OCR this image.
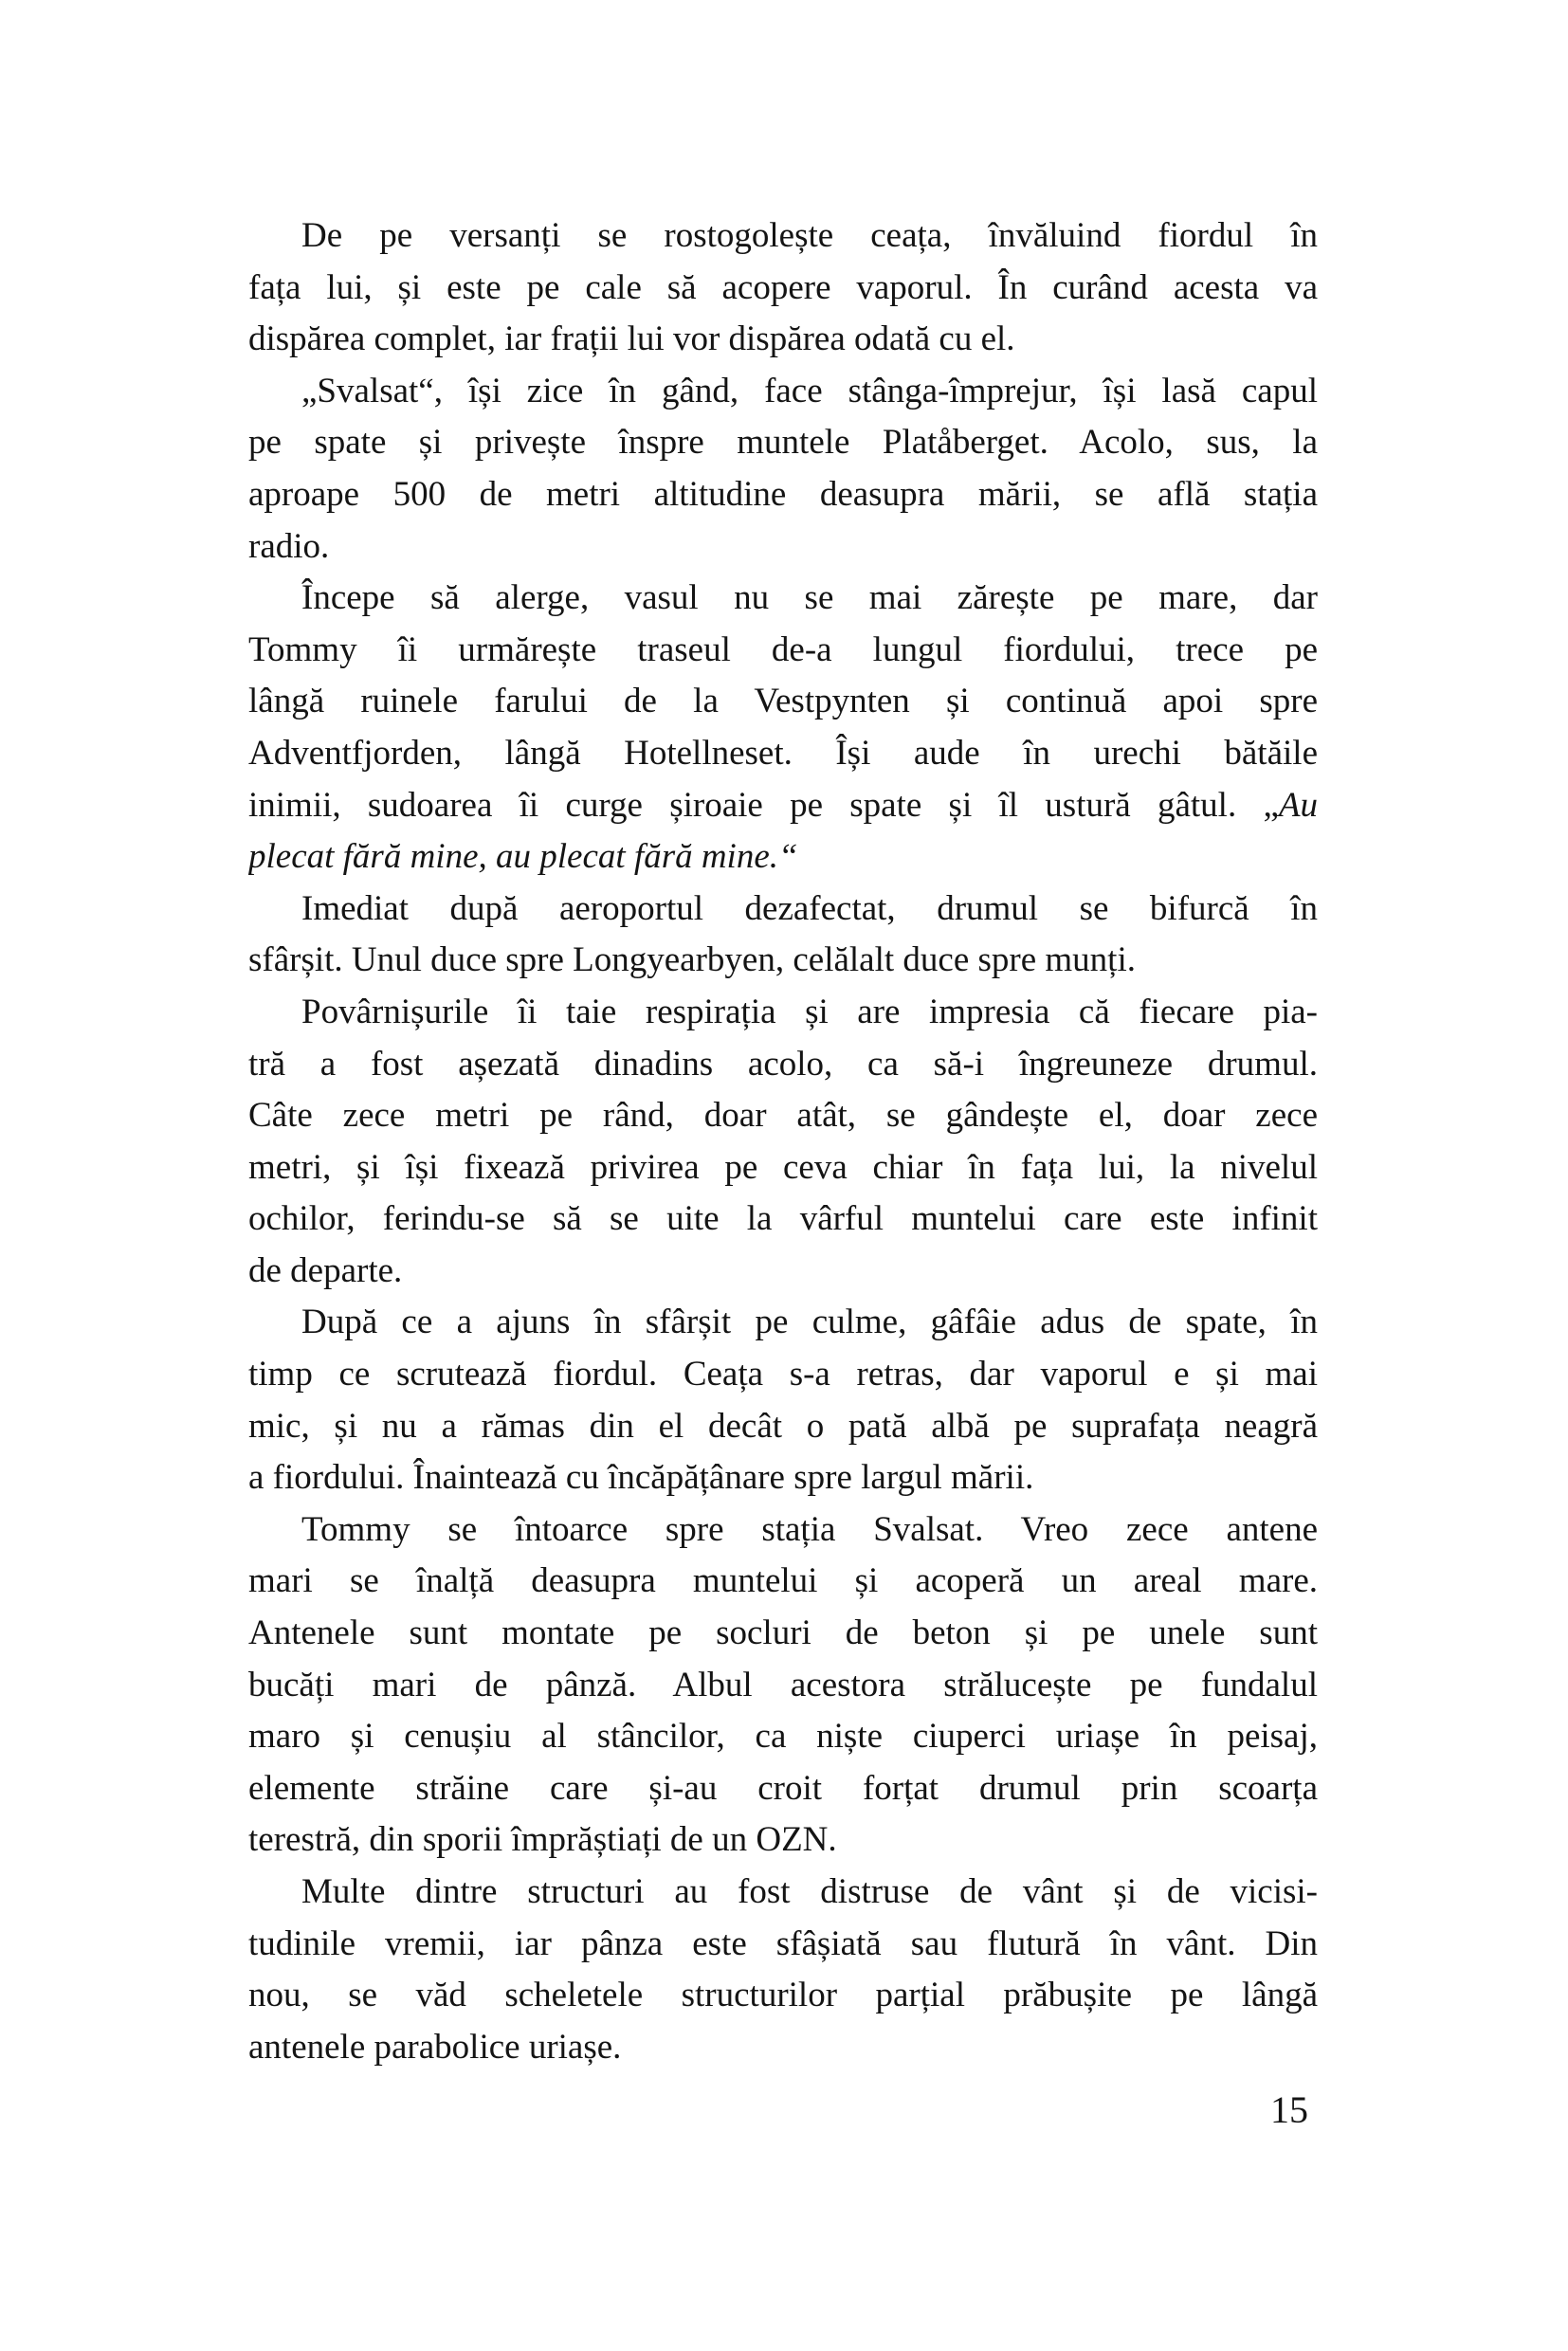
De pe versanți se rostogolește ceața, învăluind fiordul în
fața lui, și este pe cale să acopere vaporul. În curând acesta va
dispărea complet, iar frații lui vor dispărea odată cu el.
„Svalsat“, își zice în gând, face stânga-împrejur, își lasă capul
pe spate și privește înspre muntele Platåberget. Acolo, sus, la
aproape 500 de metri altitudine deasupra mării, se află stația
radio.
Începe să alerge, vasul nu se mai zărește pe mare, dar
Tommy îi urmărește traseul de-a lungul fiordului, trece pe
lângă ruinele farului de la Vestpynten și continuă apoi spre
Adventfjorden, lângă Hotellneset. Își aude în urechi bătăile
inimii, sudoarea îi curge șiroaie pe spate și îl ustură gâtul. „Au
plecat fără mine, au plecat fără mine.“
Imediat după aeroportul dezafectat, drumul se bifurcă în
sfârșit. Unul duce spre Longyearbyen, celălalt duce spre munți.
Povârnișurile îi taie respirația și are impresia că fiecare pia-
tră a fost așezată dinadins acolo, ca să-i îngreuneze drumul.
Câte zece metri pe rând, doar atât, se gândește el, doar zece
metri, și își fixează privirea pe ceva chiar în fața lui, la nivelul
ochilor, ferindu-se să se uite la vârful muntelui care este infinit
de departe.
După ce a ajuns în sfârșit pe culme, gâfâie adus de spate, în
timp ce scrutează fiordul. Ceața s-a retras, dar vaporul e și mai
mic, și nu a rămas din el decât o pată albă pe suprafața neagră
a fiordului. Înaintează cu încăpățânare spre largul mării.
Tommy se întoarce spre stația Svalsat. Vreo zece antene
mari se înalță deasupra muntelui și acoperă un areal mare.
Antenele sunt montate pe socluri de beton și pe unele sunt
bucăți mari de pânză. Albul acestora strălucește pe fundalul
maro și cenușiu al stâncilor, ca niște ciuperci uriașe în peisaj,
elemente străine care și-au croit forțat drumul prin scoarța
terestră, din sporii împrăștiați de un OZN.
Multe dintre structuri au fost distruse de vânt și de vicisi-
tudinile vremii, iar pânza este sfâșiată sau flutură în vânt. Din
nou, se văd scheletele structurilor parțial prăbușite pe lângă
antenele parabolice uriașe.
15
